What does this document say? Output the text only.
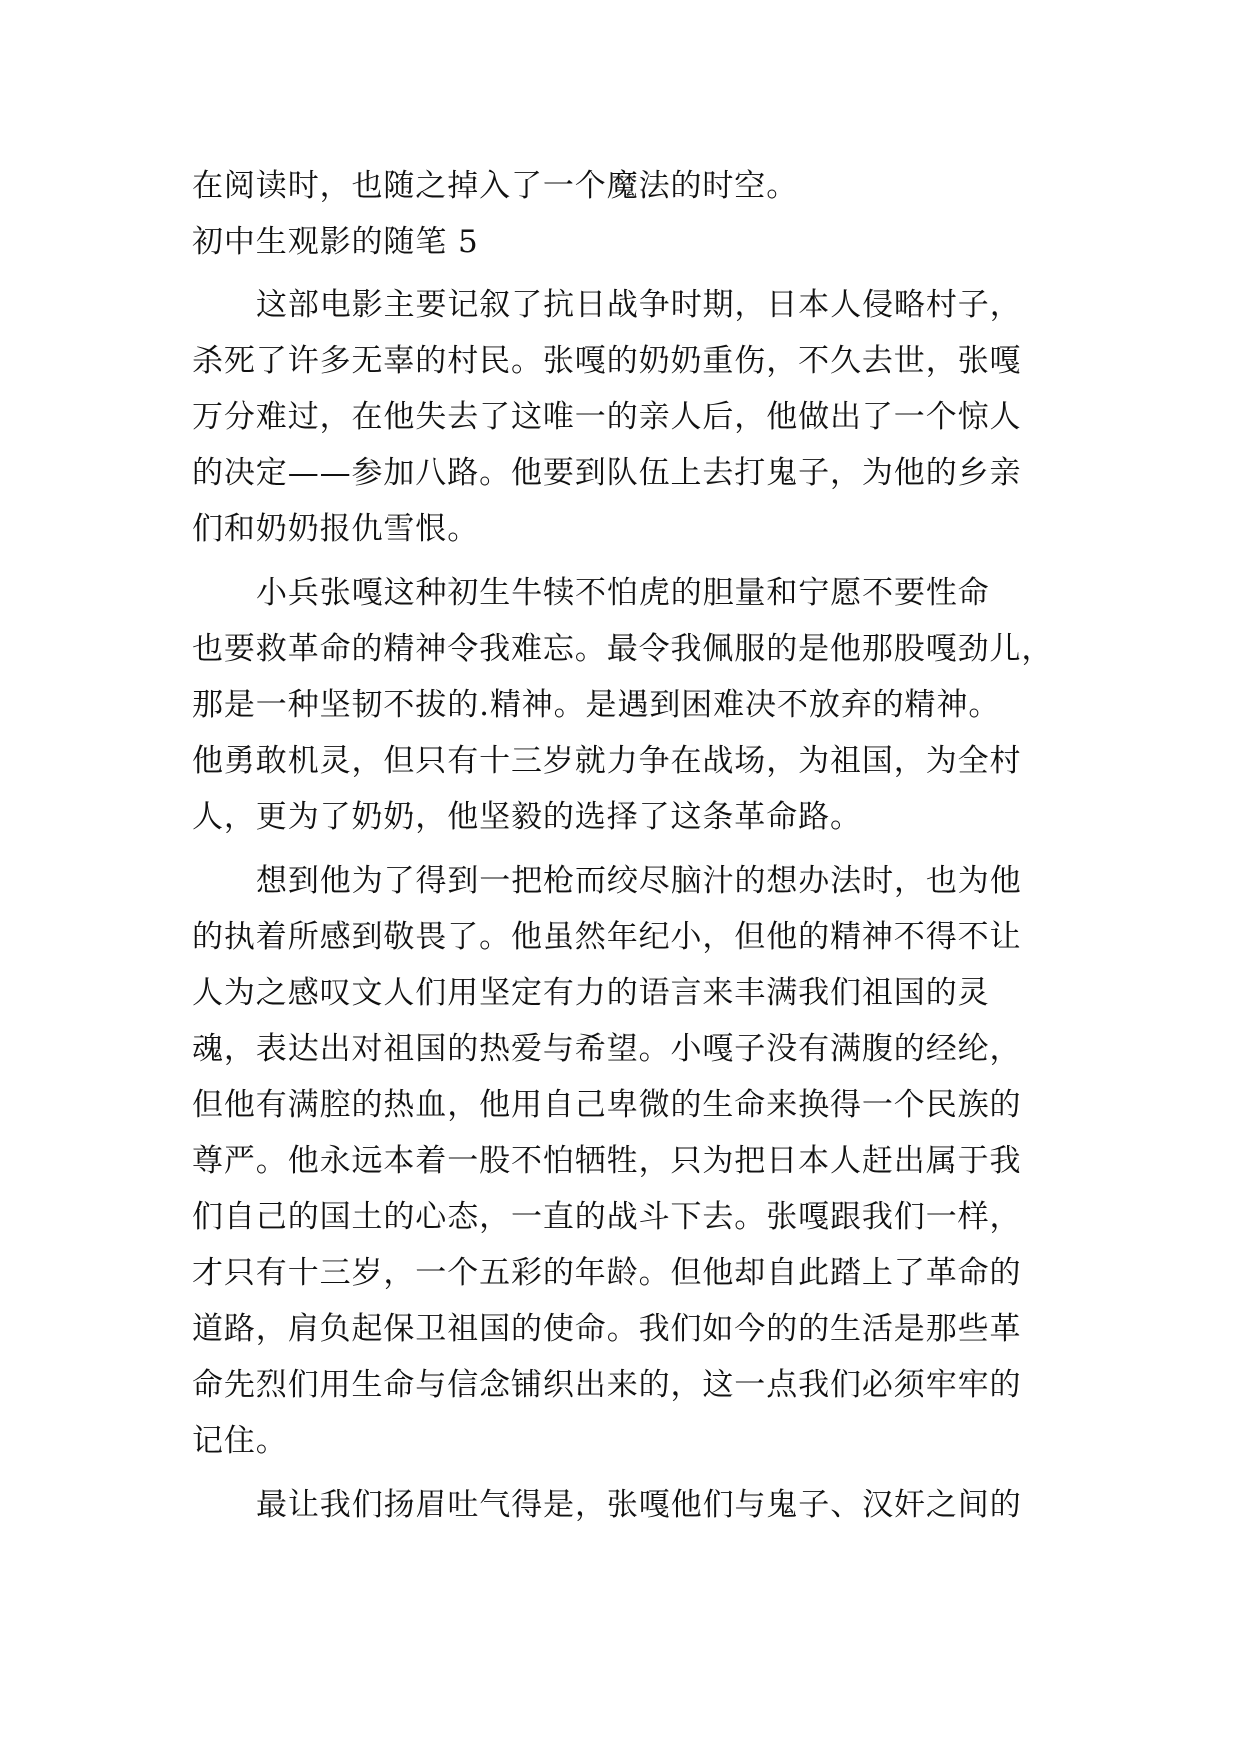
在阅读时，也随之掉入了一个魔法的时空。
初中生观影的随笔 5
这部电影主要记叙了抗日战争时期，日本人侵略村子，
杀死了许多无辜的村民。张嘎的奶奶重伤，不久去世，张嘎
万分难过，在他失去了这唯一的亲人后，他做出了一个惊人
的决定——参加八路。他要到队伍上去打鬼子，为他的乡亲
们和奶奶报仇雪恨。
小兵张嘎这种初生牛犊不怕虎的胆量和宁愿不要性命
也要救革命的精神令我难忘。最令我佩服的是他那股嘎劲儿，
那是一种坚韧不拔的.精神。是遇到困难决不放弃的精神。
他勇敢机灵，但只有十三岁就力争在战场，为祖国，为全村
人，更为了奶奶，他坚毅的选择了这条革命路。
想到他为了得到一把枪而绞尽脑汁的想办法时，也为他
的执着所感到敬畏了。他虽然年纪小，但他的精神不得不让
人为之感叹文人们用坚定有力的语言来丰满我们祖国的灵
魂，表达出对祖国的热爱与希望。小嘎子没有满腹的经纶，
但他有满腔的热血，他用自己卑微的生命来换得一个民族的
尊严。他永远本着一股不怕牺牲，只为把日本人赶出属于我
们自己的国土的心态，一直的战斗下去。张嘎跟我们一样，
才只有十三岁，一个五彩的年龄。但他却自此踏上了革命的
道路，肩负起保卫祖国的使命。我们如今的的生活是那些革
命先烈们用生命与信念铺织出来的，这一点我们必须牢牢的
记住。
最让我们扬眉吐气得是，张嘎他们与鬼子、汉奸之间的
